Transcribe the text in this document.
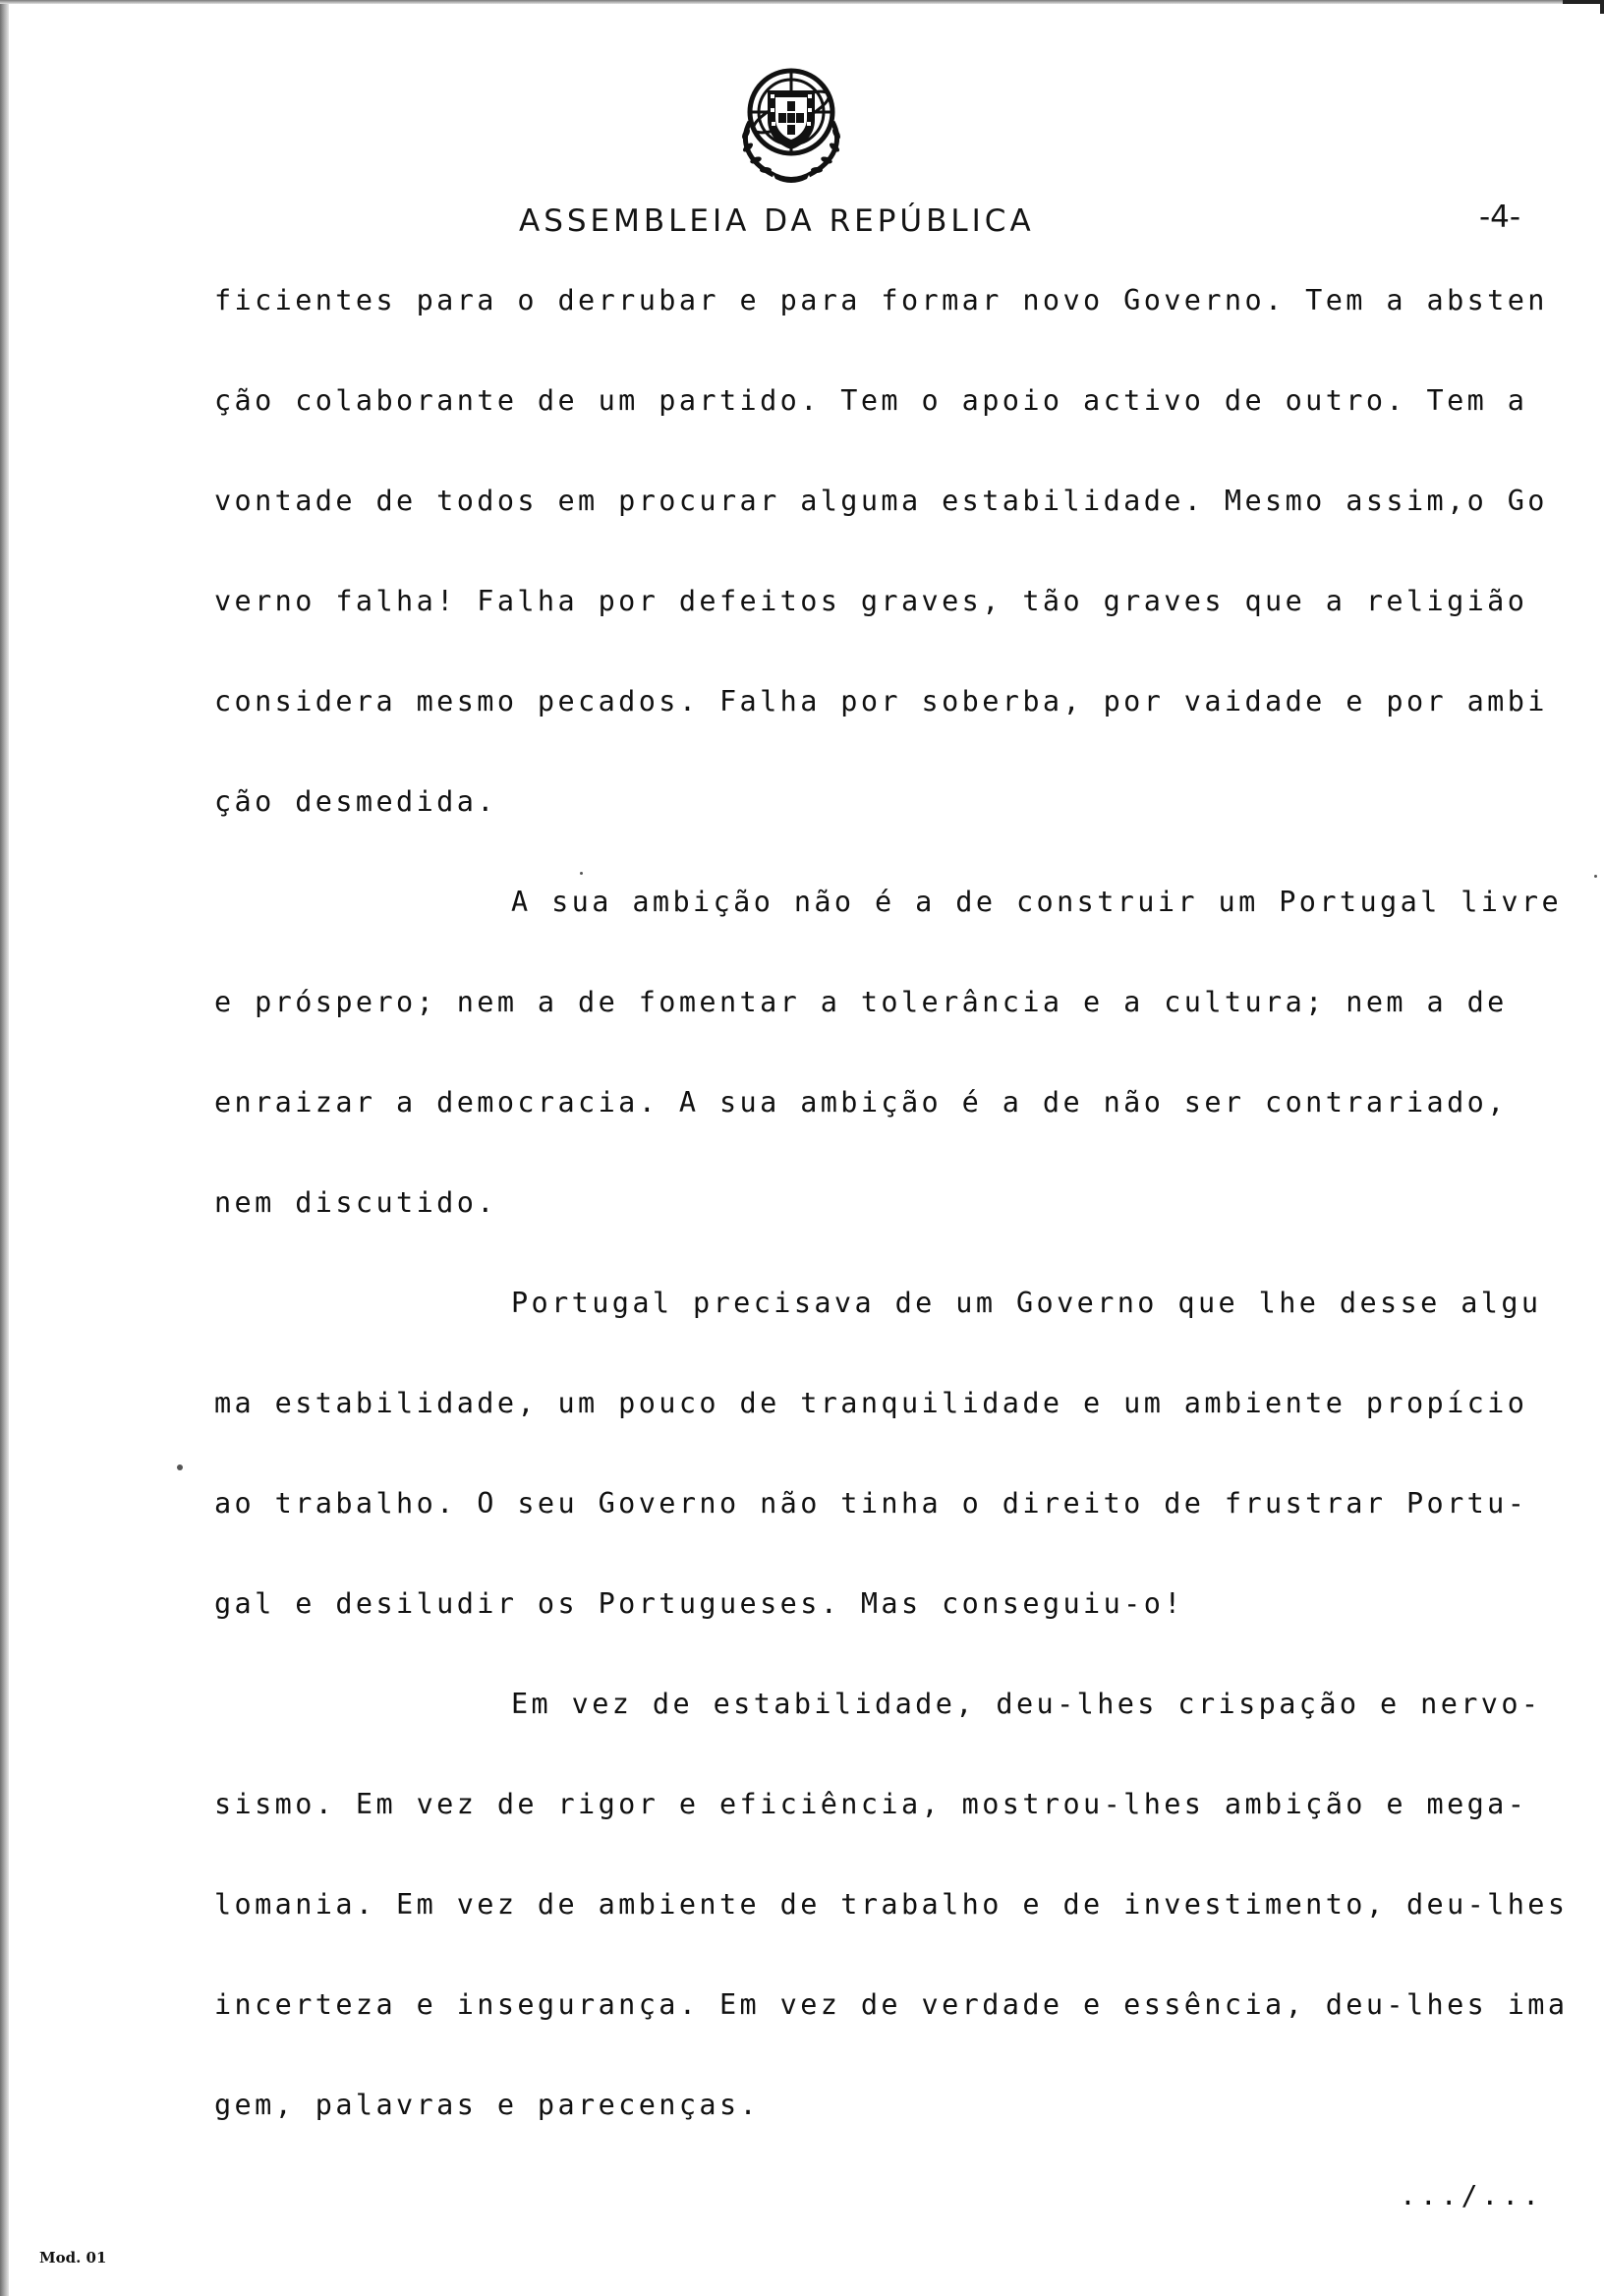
ASSEMBLEIA DA REPÚBLICA	-4-
ficientes para o derrubar e para formar novo Governo. Tem a absten
ção colaborante de um partido. Tem o apoio activo de outro. Tem a
vontade de todos em procurar alguma estabilidade. Mesmo assim,o Go
verno falha! Falha por defeitos graves, tão graves que a religião
considera mesmo pecados. Falha por soberba, por vaidade e por ambi
ção desmedida.
A sua ambição não é a de construir um Portugal livre
e próspero; nem a de fomentar a tolerância e a cultura; nem a de
enraizar a democracia. A sua ambição é a de não ser contrariado,
nem discutido.
Portugal precisava de um Governo que lhe desse algu
ma estabilidade, um pouco de tranquilidade e um ambiente propício
ao trabalho. O seu Governo não tinha o direito de frustrar Portu-
gal e desiludir os Portugueses. Mas conseguiu-o!
Em vez de estabilidade, deu-lhes crispação e nervo-
sismo. Em vez de rigor e eficiência, mostrou-lhes ambição e mega-
lomania. Em vez de ambiente de trabalho e de investimento, deu-lhes
incerteza e insegurança. Em vez de verdade e essência, deu-lhes ima
gem, palavras e parecenças.
.../...
Mod. 01
